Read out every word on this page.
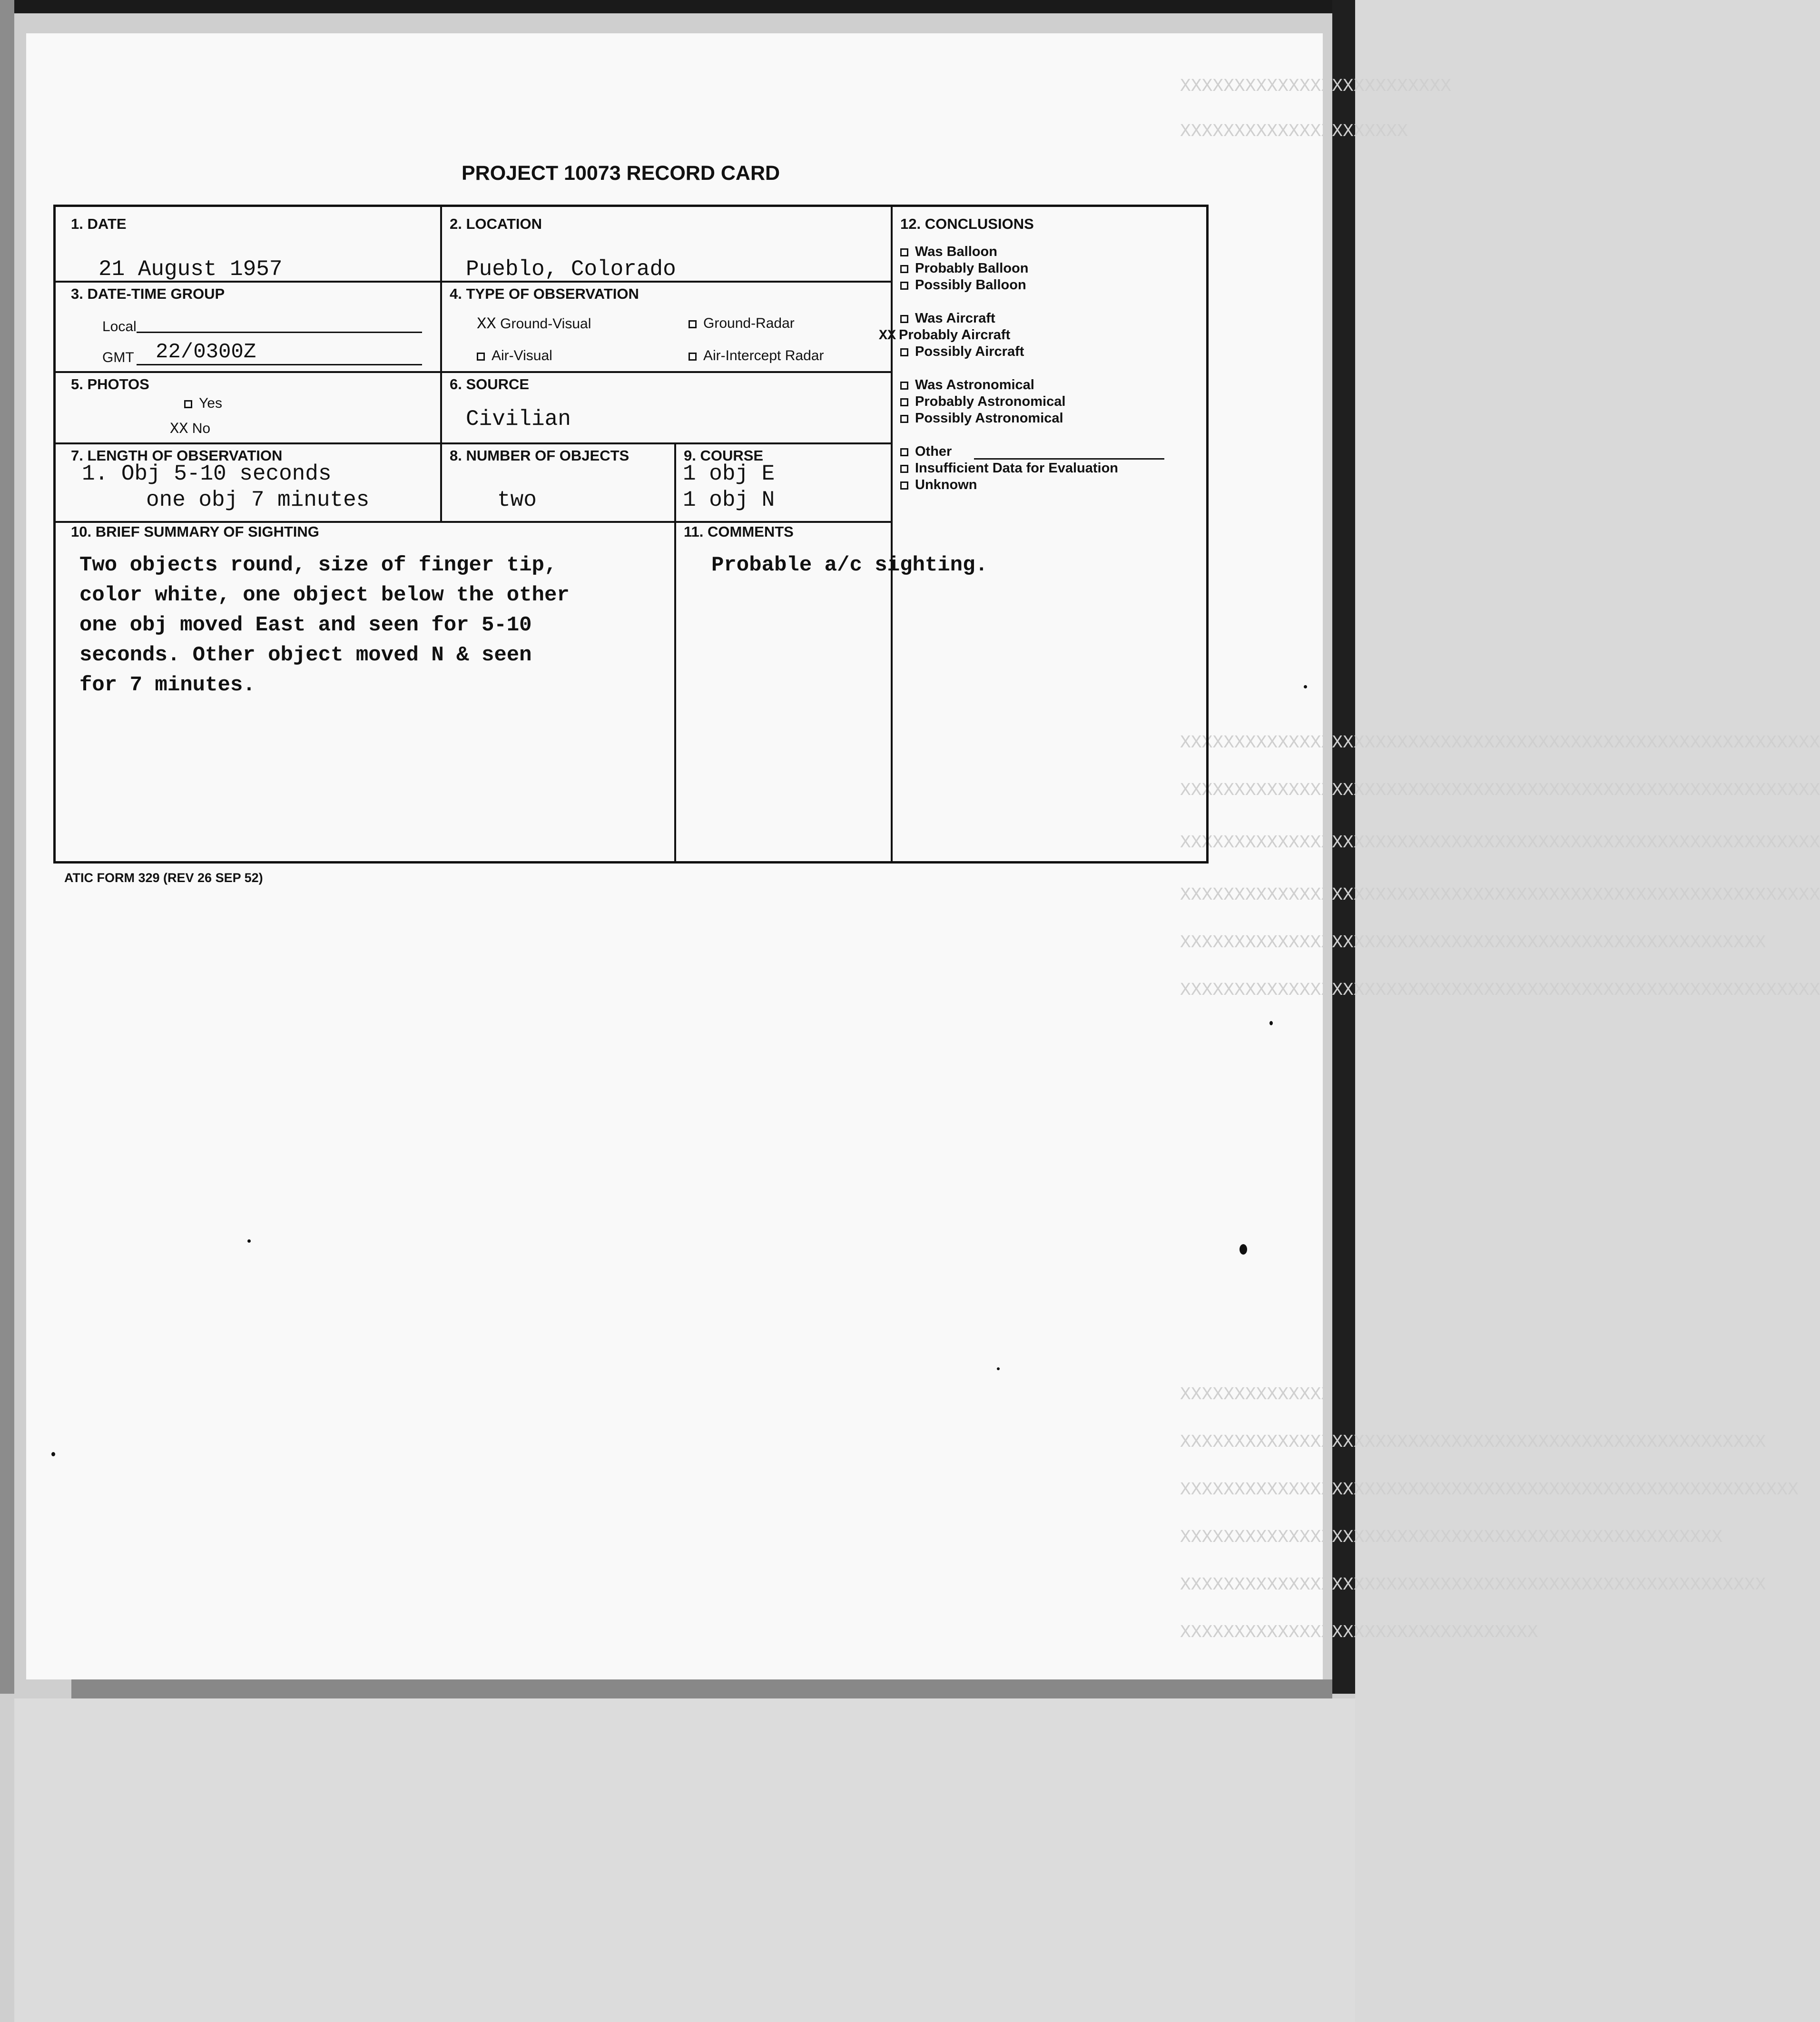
XXXXXXXXXXXXXXXXXXXXXXXXX
XXXXXXXXXXXXXXXXXXXXX
XXXXXXXXXXXXXXXXXXXXXXXXXXXXXXXXXXXXXXXXXXXXXXXXXXXXXXXXXXX
XXXXXXXXXXXXXXXXXXXXXXXXXXXXXXXXXXXXXXXXXXXXXXXXXXXXXXXXXXX
XXXXXXXXXXXXXXXXXXXXXXXXXXXXXXXXXXXXXXXXXXXXXXXXXXXXXXXXXXX
XXXXXXXXXXXXXXXXXXXXXXXXXXXXXXXXXXXXXXXXXXXXXXXXXXXXXXXXXXX
XXXXXXXXXXXXXXXXXXXXXXXXXXXXXXXXXXXXXXXXXXXXXXXXXXXXXX
XXXXXXXXXXXXXXXXXXXXXXXXXXXXXXXXXXXXXXXXXXXXXXXXXXXXXXXXXXX
XXXXXXXXXXXXXX
XXXXXXXXXXXXXXXXXXXXXXXXXXXXXXXXXXXXXXXXXXXXXXXXXXXXXX
XXXXXXXXXXXXXXXXXXXXXXXXXXXXXXXXXXXXXXXXXXXXXXXXXXXXXXXXX
XXXXXXXXXXXXXXXXXXXXXXXXXXXXXXXXXXXXXXXXXXXXXXXXXX
XXXXXXXXXXXXXXXXXXXXXXXXXXXXXXXXXXXXXXXXXXXXXXXXXXXXXX
XXXXXXXXXXXXXXXXXXXXXXXXXXXXXXXXX
PROJECT 10073 RECORD CARD
1. DATE
21 August 1957
2. LOCATION
Pueblo, Colorado
3. DATE-TIME GROUP
Local
GMT 22/0300Z
4. TYPE OF OBSERVATION
XX Ground-Visual	Ground-Radar
Air-Visual	Air-Intercept Radar
5. PHOTOS
Yes
XX No
6. SOURCE
Civilian
7. LENGTH OF OBSERVATION
1. Obj 5-10 seconds
one obj 7 minutes
8. NUMBER OF OBJECTS
two
9. COURSE
1 obj E
1 obj N
10. BRIEF SUMMARY OF SIGHTING
Two objects round, size of finger tip,
color white, one object below the other
one obj moved East and seen for 5-10
seconds. Other object moved N & seen
for 7 minutes.
11. COMMENTS
Probable a/c sighting.
12. CONCLUSIONS
Was Balloon
Probably Balloon
Possibly Balloon
Was Aircraft
XX Probably Aircraft
Possibly Aircraft
Was Astronomical
Probably Astronomical
Possibly Astronomical
Other
Insufficient Data for Evaluation
Unknown
ATIC FORM 329 (REV 26 SEP 52)
